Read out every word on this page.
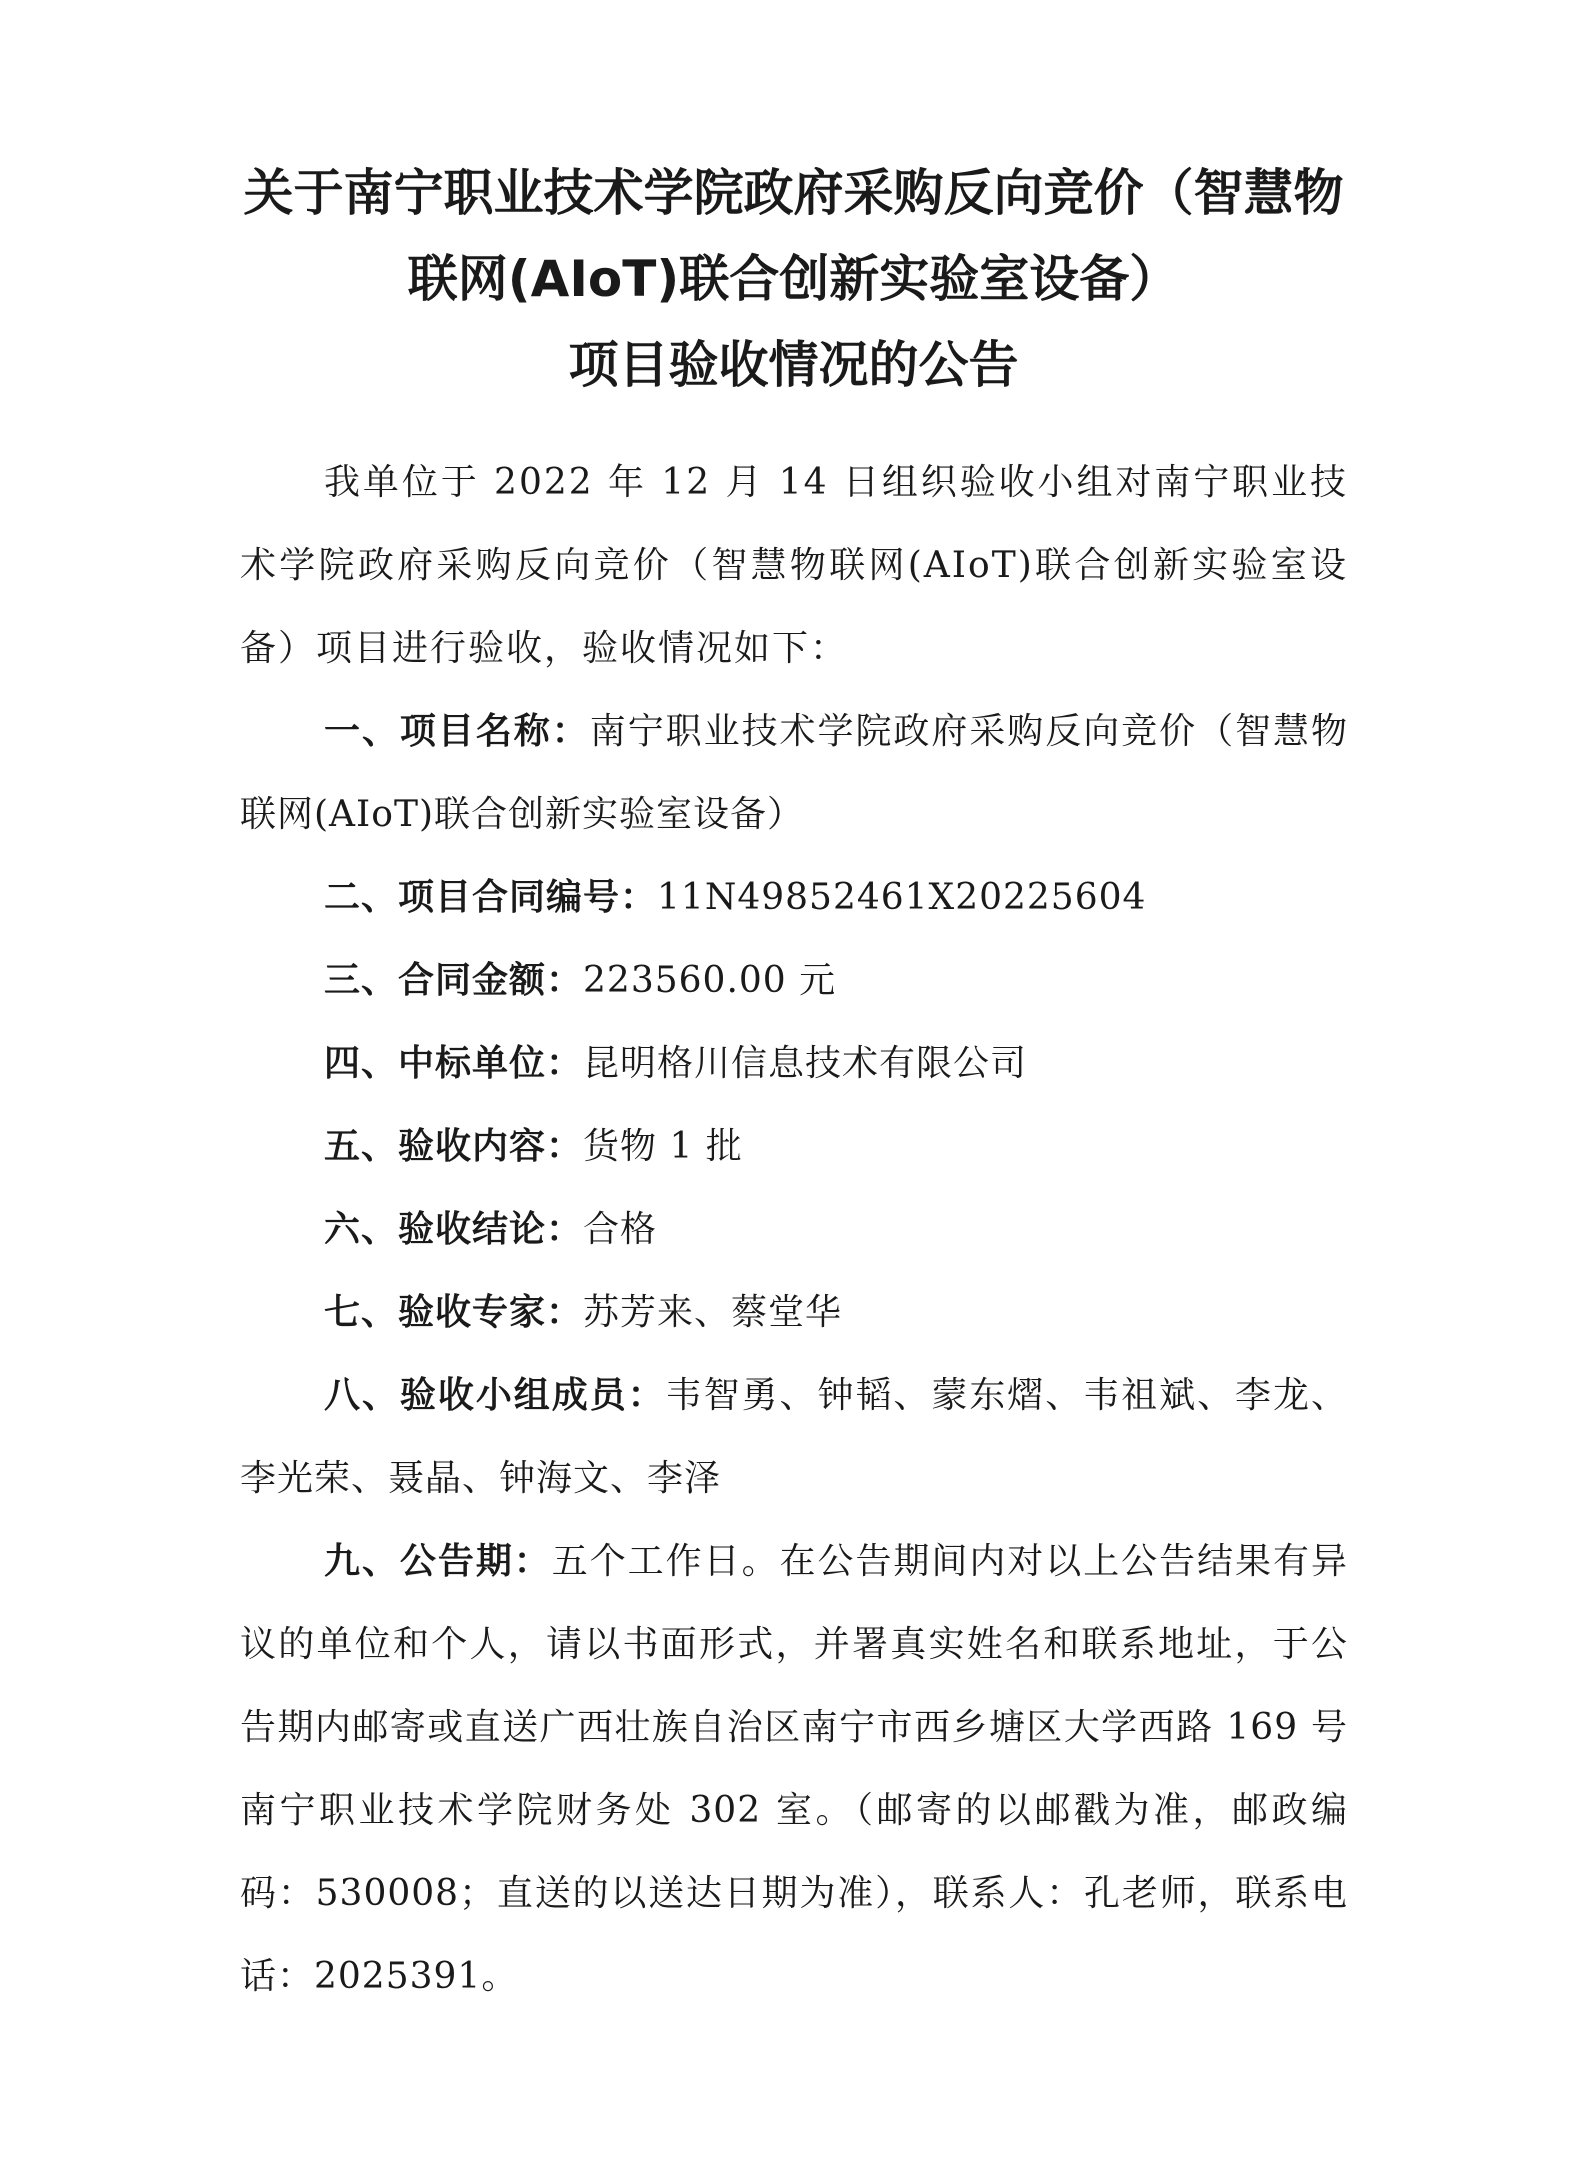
关于南宁职业技术学院政府采购反向竞价（智慧物
联网(AIoT)联合创新实验室设备）
项目验收情况的公告

我单位于 2022 年 12 月 14 日组织验收小组对南宁职业技术学院政府采购反向竞价（智慧物联网(AIoT)联合创新实验室设备）项目进行验收，验收情况如下：

一、项目名称：南宁职业技术学院政府采购反向竞价（智慧物联网(AIoT)联合创新实验室设备）

二、项目合同编号：11N49852461X20225604

三、合同金额：223560.00 元

四、中标单位：昆明格川信息技术有限公司

五、验收内容：货物 1 批

六、验收结论：合格

七、验收专家：苏芳来、蔡堂华

八、验收小组成员：韦智勇、钟韬、蒙东熠、韦祖斌、李龙、李光荣、聂晶、钟海文、李泽

九、公告期：五个工作日。在公告期间内对以上公告结果有异议的单位和个人，请以书面形式，并署真实姓名和联系地址，于公告期内邮寄或直送广西壮族自治区南宁市西乡塘区大学西路 169 号南宁职业技术学院财务处 302 室。（邮寄的以邮戳为准，邮政编码：530008；直送的以送达日期为准），联系人：孔老师，联系电话：2025391。
